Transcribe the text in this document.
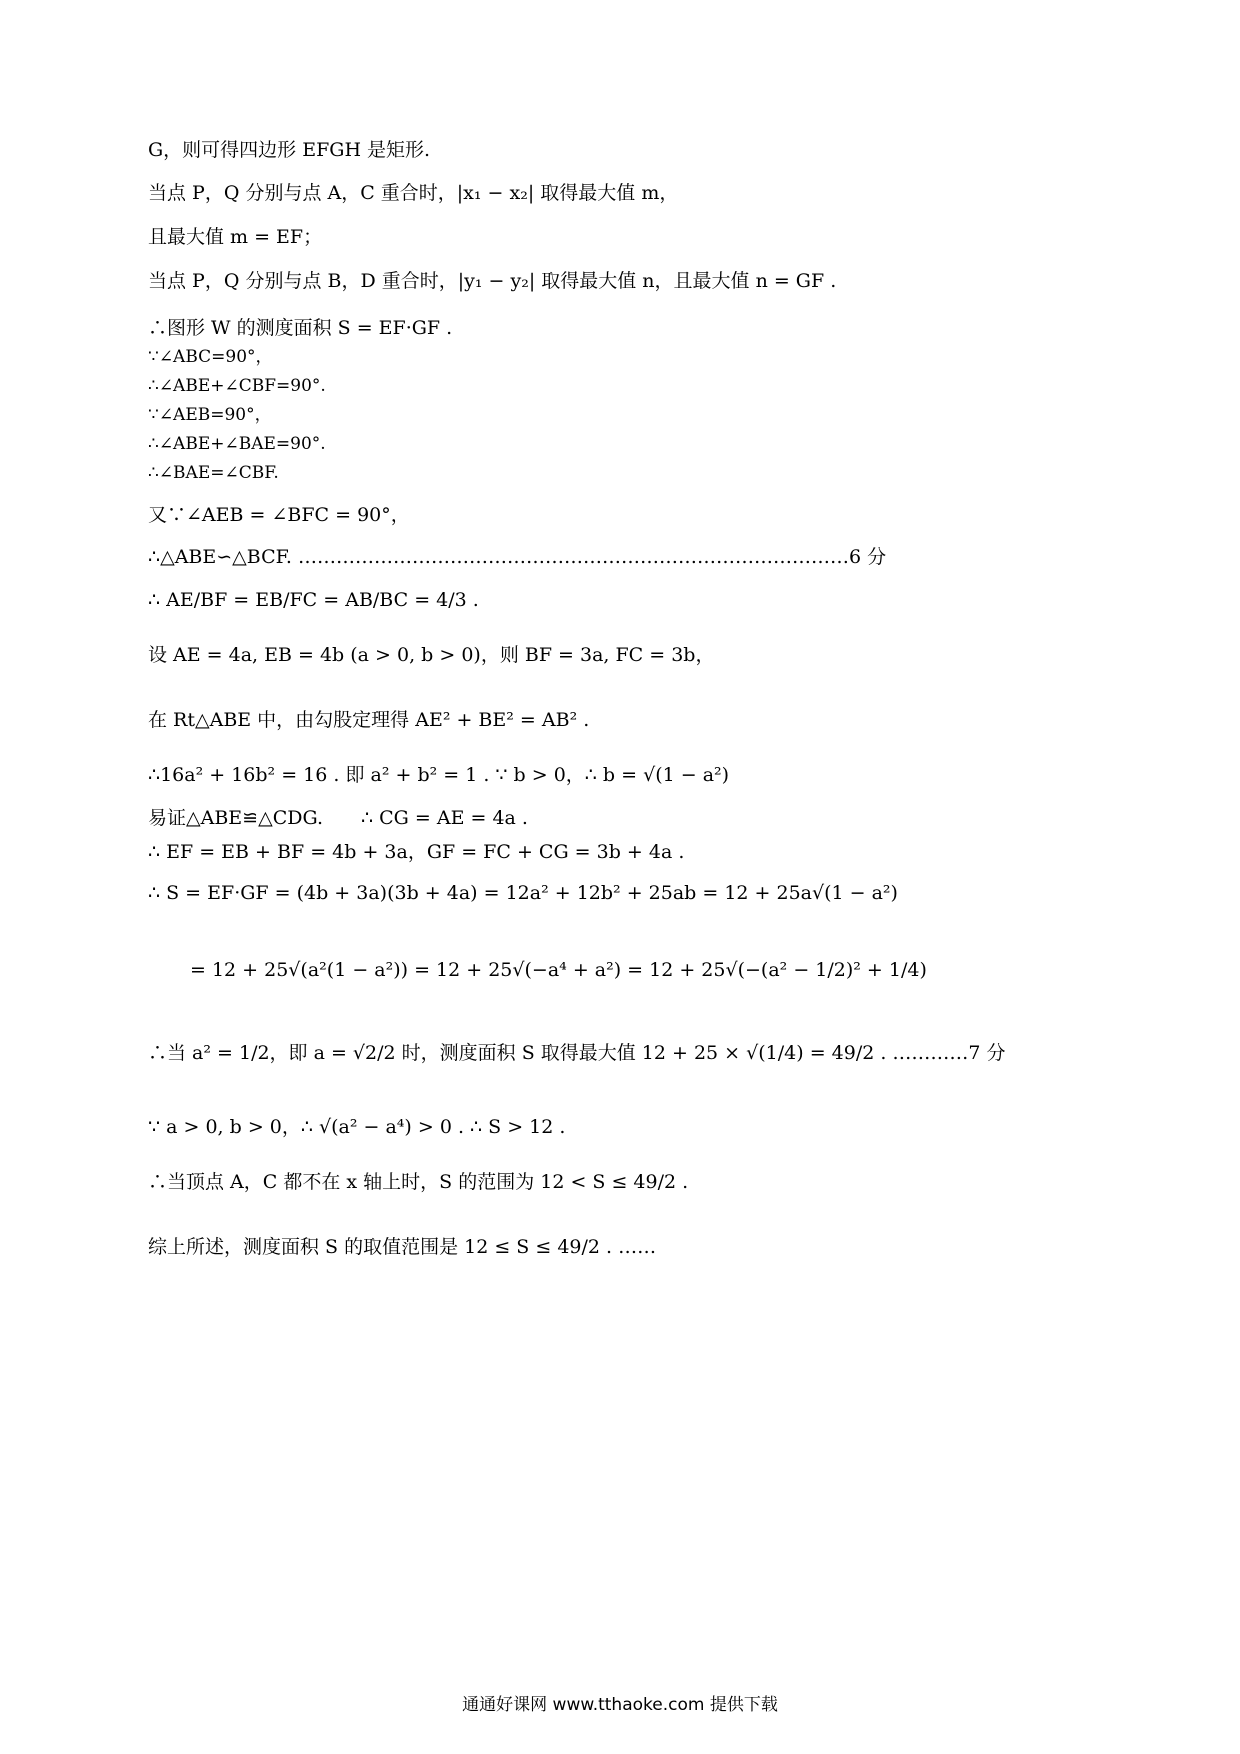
G，则可得四边形 EFGH 是矩形.
当点 P，Q 分别与点 A，C 重合时，|x₁ − x₂| 取得最大值 m，
且最大值 m = EF；
当点 P，Q 分别与点 B，D 重合时，|y₁ − y₂| 取得最大值 n，且最大值 n = GF .
∴图形 W 的测度面积 S = EF·GF .
∵∠ABC=90°，
∴∠ABE+∠CBF=90°.
∵∠AEB=90°，
∴∠ABE+∠BAE=90°.
∴∠BAE=∠CBF.
又∵∠AEB = ∠BFC = 90°，
∴△ABE∽△BCF. ……………………………………………………………………………6 分
∴ AE/BF = EB/FC = AB/BC = 4/3 .
设 AE = 4a, EB = 4b (a > 0, b > 0)，则 BF = 3a, FC = 3b，
在 Rt△ABE 中，由勾股定理得 AE² + BE² = AB² .
∴16a² + 16b² = 16 . 即 a² + b² = 1 . ∵ b > 0，∴ b = √(1 − a²)
易证△ABE≌△CDG.　　∴ CG = AE = 4a .
∴ EF = EB + BF = 4b + 3a，GF = FC + CG = 3b + 4a .
∴ S = EF·GF = (4b + 3a)(3b + 4a) = 12a² + 12b² + 25ab = 12 + 25a√(1 − a²)
= 12 + 25√(a²(1 − a²)) = 12 + 25√(−a⁴ + a²) = 12 + 25√(−(a² − 1/2)² + 1/4)
∴当 a² = 1/2，即 a = √2/2 时，测度面积 S 取得最大值 12 + 25 × √(1/4) = 49/2 . …………7 分
∵ a > 0, b > 0，∴ √(a² − a⁴) > 0 . ∴ S > 12 .
∴当顶点 A，C 都不在 x 轴上时，S 的范围为 12 < S ≤ 49/2 .
综上所述，测度面积 S 的取值范围是 12 ≤ S ≤ 49/2 . ……
通通好课网 www.tthaoke.com 提供下载
